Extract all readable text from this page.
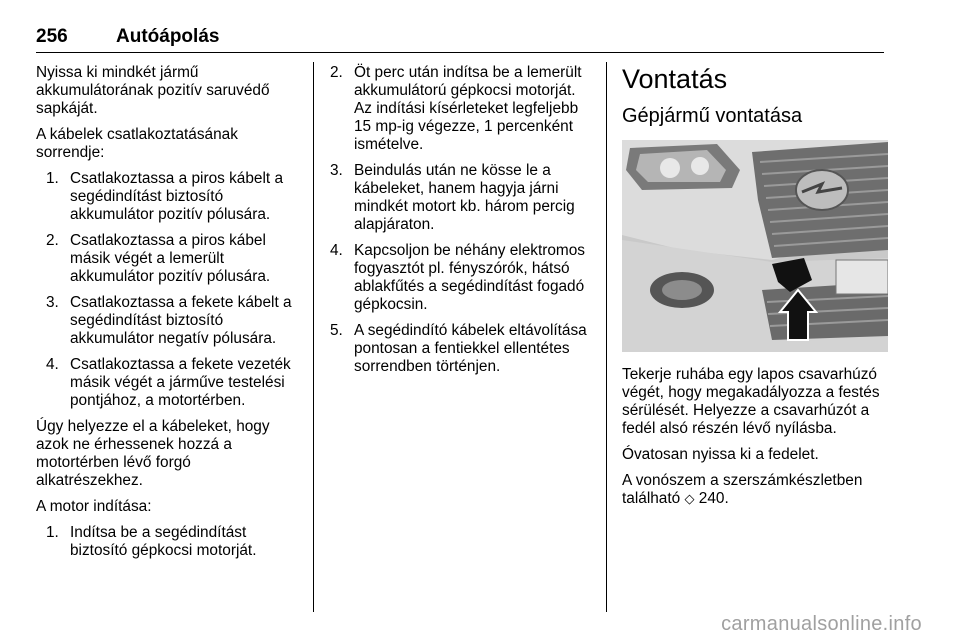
256	Autóápolás

Nyissa ki mindkét jármű akkumulátorának pozitív saruvédő sapkáját.

A kábelek csatlakoztatásának sorrendje:

1. Csatlakoztassa a piros kábelt a segédindítást biztosító akkumulátor pozitív pólusára.
2. Csatlakoztassa a piros kábel másik végét a lemerült akkumulátor pozitív pólusára.
3. Csatlakoztassa a fekete kábelt a segédindítást biztosító akkumulátor negatív pólusára.
4. Csatlakoztassa a fekete vezeték másik végét a járműve testelési pontjához, a motortérben.

Úgy helyezze el a kábeleket, hogy azok ne érhessenek hozzá a motortérben lévő forgó alkatrészekhez.

A motor indítása:

1. Indítsa be a segédindítást biztosító gépkocsi motorját.
2. Öt perc után indítsa be a lemerült akkumulátorú gépkocsi motorját. Az indítási kísérleteket legfeljebb 15 mp-ig végezze, 1 percenként ismételve.
3. Beindulás után ne kösse le a kábeleket, hanem hagyja járni mindkét motort kb. három percig alapjáraton.
4. Kapcsoljon be néhány elektromos fogyasztót pl. fényszórók, hátsó ablakfűtés a segédindítást fogadó gépkocsin.
5. A segédindító kábelek eltávolítása pontosan a fentiekkel ellentétes sorrendben történjen.
Vontatás
Gépjármű vontatása

Tekerje ruhába egy lapos csavarhúzó végét, hogy megakadályozza a festés sérülését. Helyezze a csavarhúzót a fedél alsó részén lévő nyílásba.

Óvatosan nyissa ki a fedelet.

A vonószem a szerszámkészletben található ◇ 240.

carmanualsonline.info
